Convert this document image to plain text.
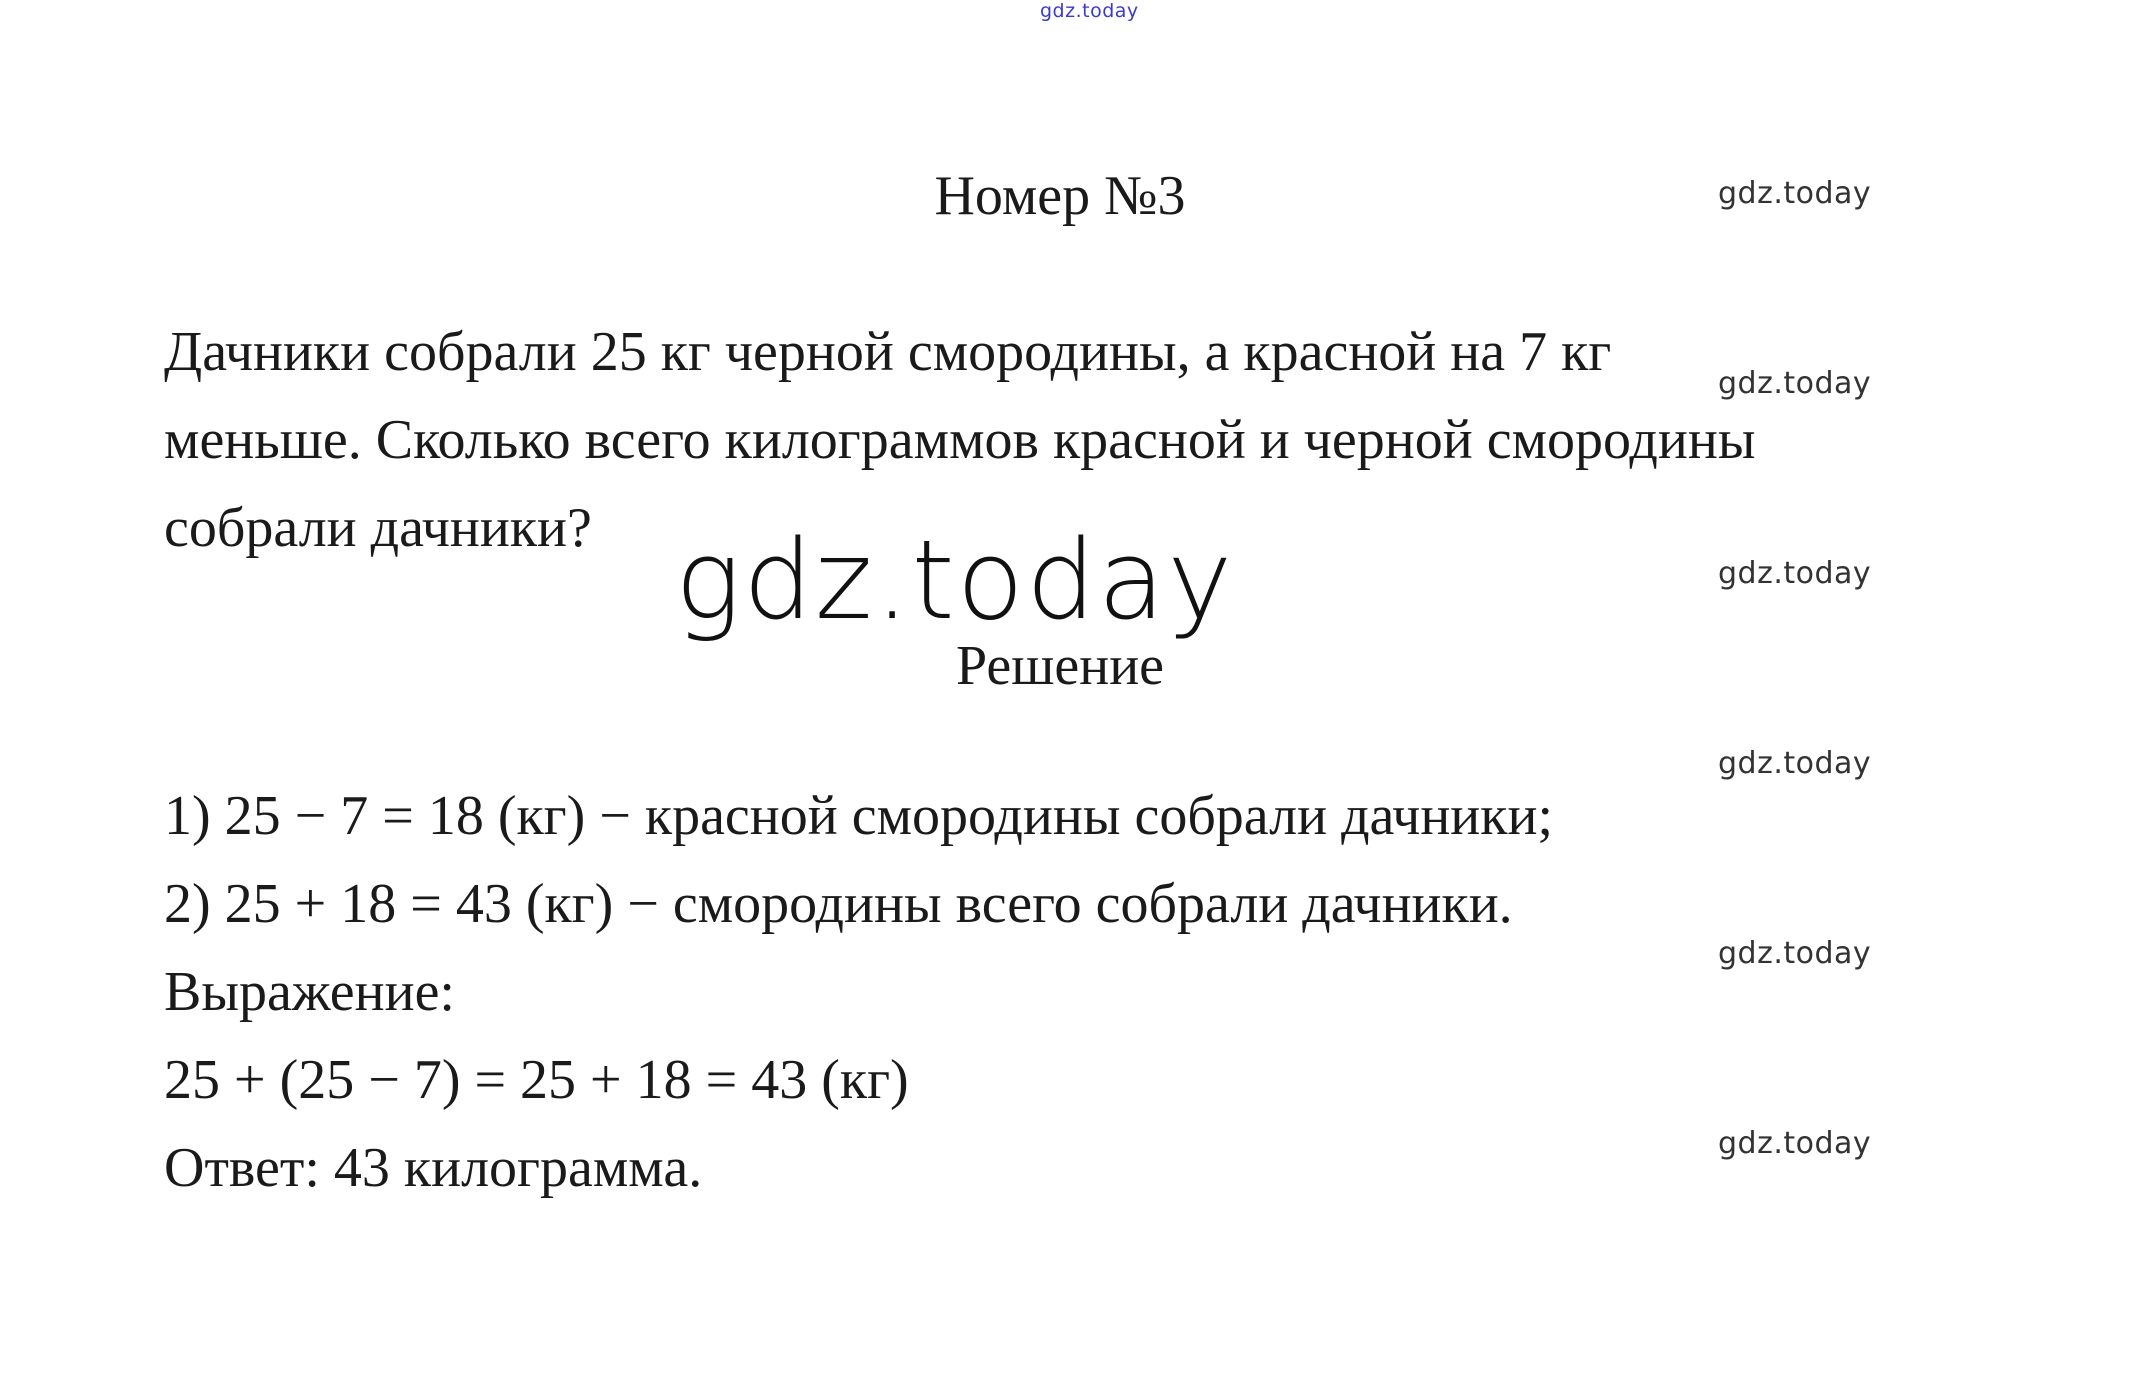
gdz.today
gdz.today
gdz.today
gdz.today
gdz.today
gdz.today
gdz.today
gdz.today
Номер №3
Дачники собрали 25 кг черной смородины, а красной на 7 кг
меньше. Сколько всего килограммов красной и черной смородины
собрали дачники?
Решение
1) 25 − 7 = 18 (кг) − красной смородины собрали дачники;
2) 25 + 18 = 43 (кг) − смородины всего собрали дачники.
Выражение:
25 + (25 − 7) = 25 + 18 = 43 (кг)
Ответ: 43 килограмма.
